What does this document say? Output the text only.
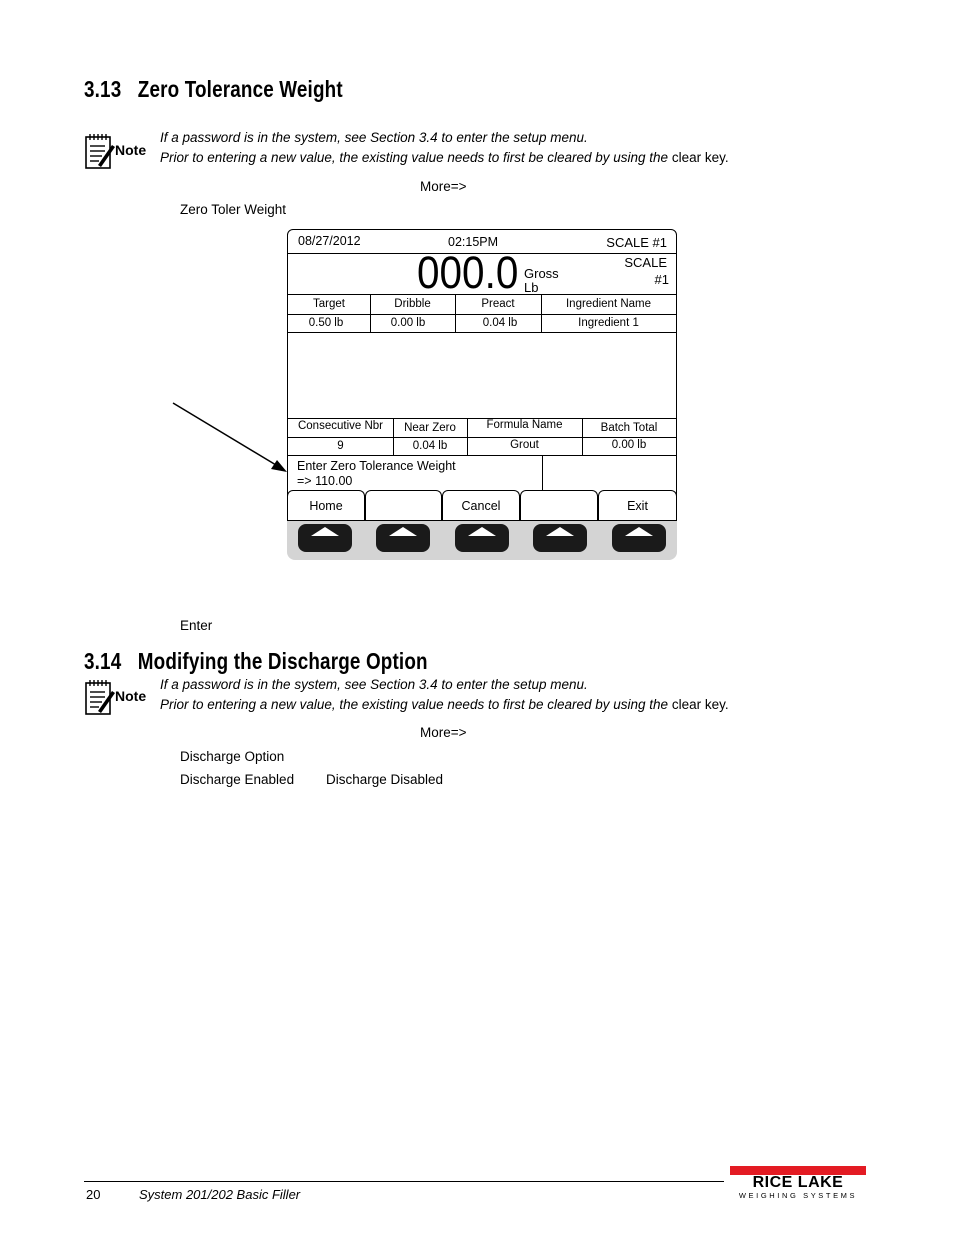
3.13 Zero Tolerance Weight
Note
If a password is in the system, see Section 3.4 to enter the setup menu.
Prior to entering a new value, the existing value needs to first be cleared by using the clear key.
More=>
Zero Toler Weight
08/27/2012	02:15PM	SCALE #1
000.0 Gross
Lb
SCALE
#1
Target	Dribble	Preact	Ingredient Name
0.50 lb	0.00 lb	0.04 lb	Ingredient 1
Consecutive Nbr	Near Zero	Formula Name	Batch Total
9	0.04 lb	Grout	0.00 lb
Enter Zero Tolerance Weight
=> 110.00
Home	Cancel	Exit
Enter
3.14 Modifying the Discharge Option
Note
If a password is in the system, see Section 3.4 to enter the setup menu.
Prior to entering a new value, the existing value needs to first be cleared by using the clear key.
More=>
Discharge Option
Discharge Enabled Discharge Disabled
20	System 201/202 Basic Filler
RICE LAKE
WEIGHING SYSTEMS
